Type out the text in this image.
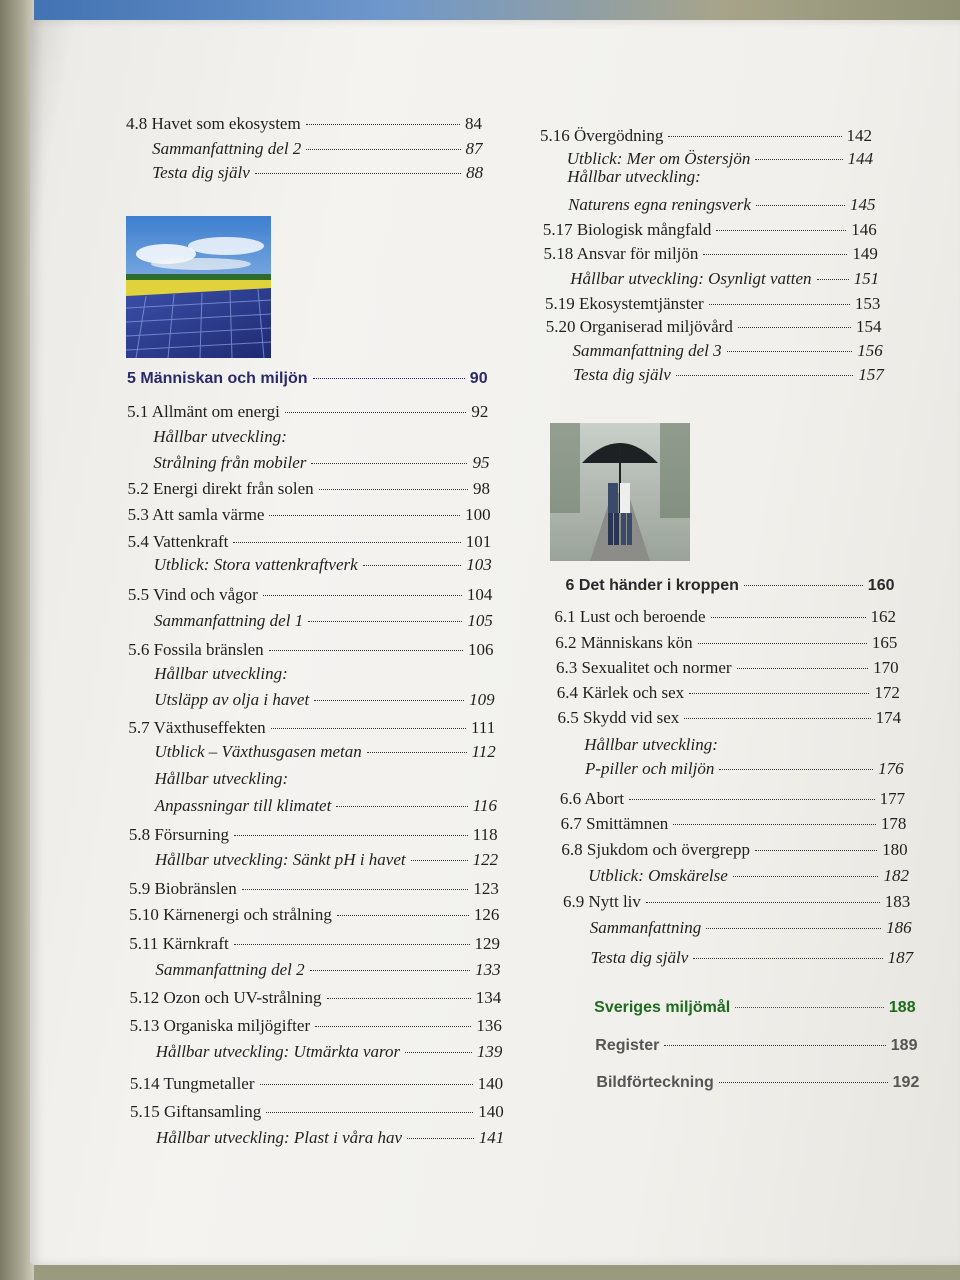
4.8 Havet som ekosystem	84
Sammanfattning del 2	87
Testa dig själv	88
5 Människan och miljön	90
5.1 Allmänt om energi	92
Hållbar utveckling:
Strålning från mobiler	95
5.2 Energi direkt från solen	98
5.3 Att samla värme	100
5.4 Vattenkraft	101
Utblick: Stora vattenkraftverk	103
5.5 Vind och vågor	104
Sammanfattning del 1	105
5.6 Fossila bränslen	106
Hållbar utveckling:
Utsläpp av olja i havet	109
5.7 Växthuseffekten	111
Utblick – Växthusgasen metan	112
Hållbar utveckling:
Anpassningar till klimatet	116
5.8 Försurning	118
Hållbar utveckling: Sänkt pH i havet	122
5.9 Biobränslen	123
5.10 Kärnenergi och strålning	126
5.11 Kärnkraft	129
Sammanfattning del 2	133
5.12 Ozon och UV-strålning	134
5.13 Organiska miljögifter	136
Hållbar utveckling: Utmärkta varor	139
5.14 Tungmetaller	140
5.15 Giftansamling	140
Hållbar utveckling: Plast i våra hav	141
5.16 Övergödning	142
Utblick: Mer om Östersjön	144
Hållbar utveckling:
Naturens egna reningsverk	145
5.17 Biologisk mångfald	146
5.18 Ansvar för miljön	149
Hållbar utveckling: Osynligt vatten 151
5.19 Ekosystemtjänster	153
5.20 Organiserad miljövård	154
Sammanfattning del 3	156
Testa dig själv	157
6 Det händer i kroppen	160
6.1 Lust och beroende	162
6.2 Människans kön	165
6.3 Sexualitet och normer	170
6.4 Kärlek och sex	172
6.5 Skydd vid sex	174
Hållbar utveckling:
P-piller och miljön	176
6.6 Abort	177
6.7 Smittämnen	178
6.8 Sjukdom och övergrepp	180
Utblick: Omskärelse	182
6.9 Nytt liv	183
Sammanfattning	186
Testa dig själv	187
Sveriges miljömål	188
Register	189
Bildförteckning	192
